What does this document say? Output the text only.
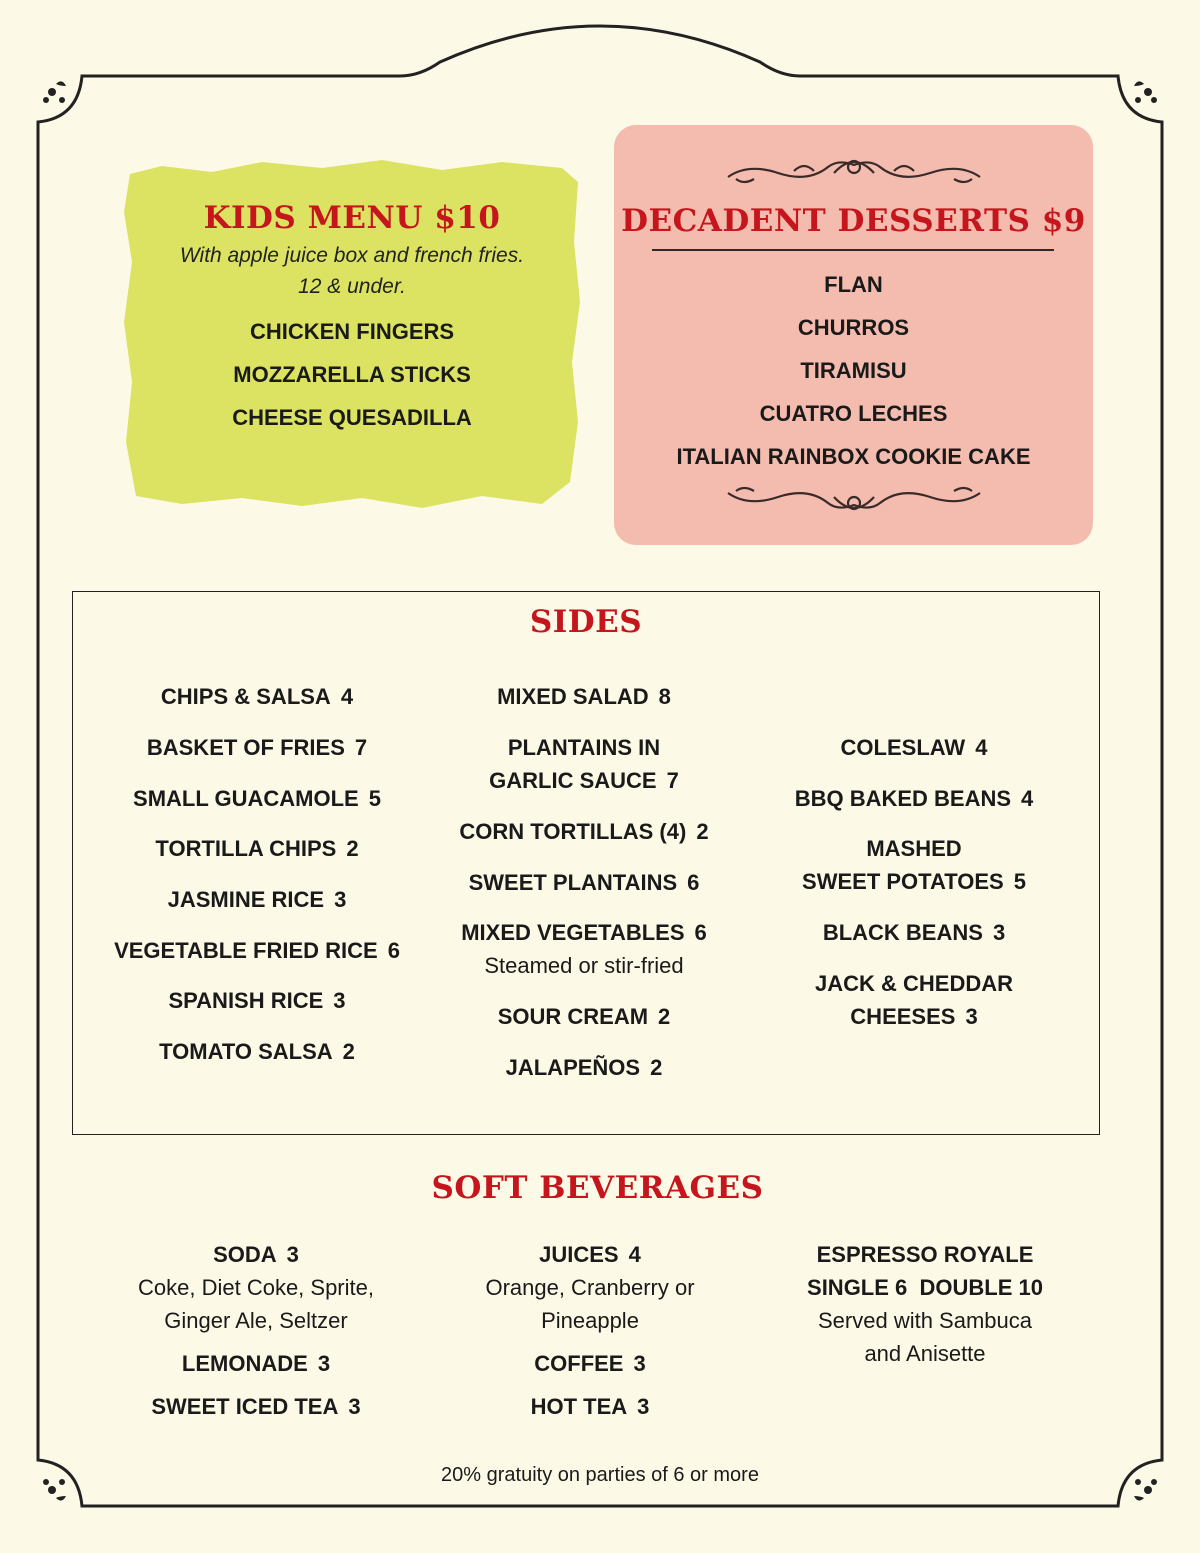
KIDS MENU $10
With apple juice box and french fries.
12 & under.
CHICKEN FINGERS
MOZZARELLA STICKS
CHEESE QUESADILLA
DECADENT DESSERTS $9
FLAN
CHURROS
TIRAMISU
CUATRO LECHES
ITALIAN RAINBOX COOKIE CAKE
SIDES
CHIPS & SALSA 4
BASKET OF FRIES 7
SMALL GUACAMOLE 5
TORTILLA CHIPS 2
JASMINE RICE 3
VEGETABLE FRIED RICE 6
SPANISH RICE 3
TOMATO SALSA 2
MIXED SALAD 8
PLANTAINS IN
GARLIC SAUCE 7
CORN TORTILLAS (4) 2
SWEET PLANTAINS 6
MIXED VEGETABLES 6
Steamed or stir-fried
SOUR CREAM 2
JALAPEÑOS 2
COLESLAW 4
BBQ BAKED BEANS 4
MASHED
SWEET POTATOES 5
BLACK BEANS 3
JACK & CHEDDAR
CHEESES 3
SOFT BEVERAGES
SODA 3
Coke, Diet Coke, Sprite,
Ginger Ale, Seltzer
LEMONADE 3
SWEET ICED TEA 3
JUICES 4
Orange, Cranberry or
Pineapple
COFFEE 3
HOT TEA 3
ESPRESSO ROYALE
SINGLE 6  DOUBLE 10
Served with Sambuca
and Anisette
20% gratuity on parties of 6 or more
